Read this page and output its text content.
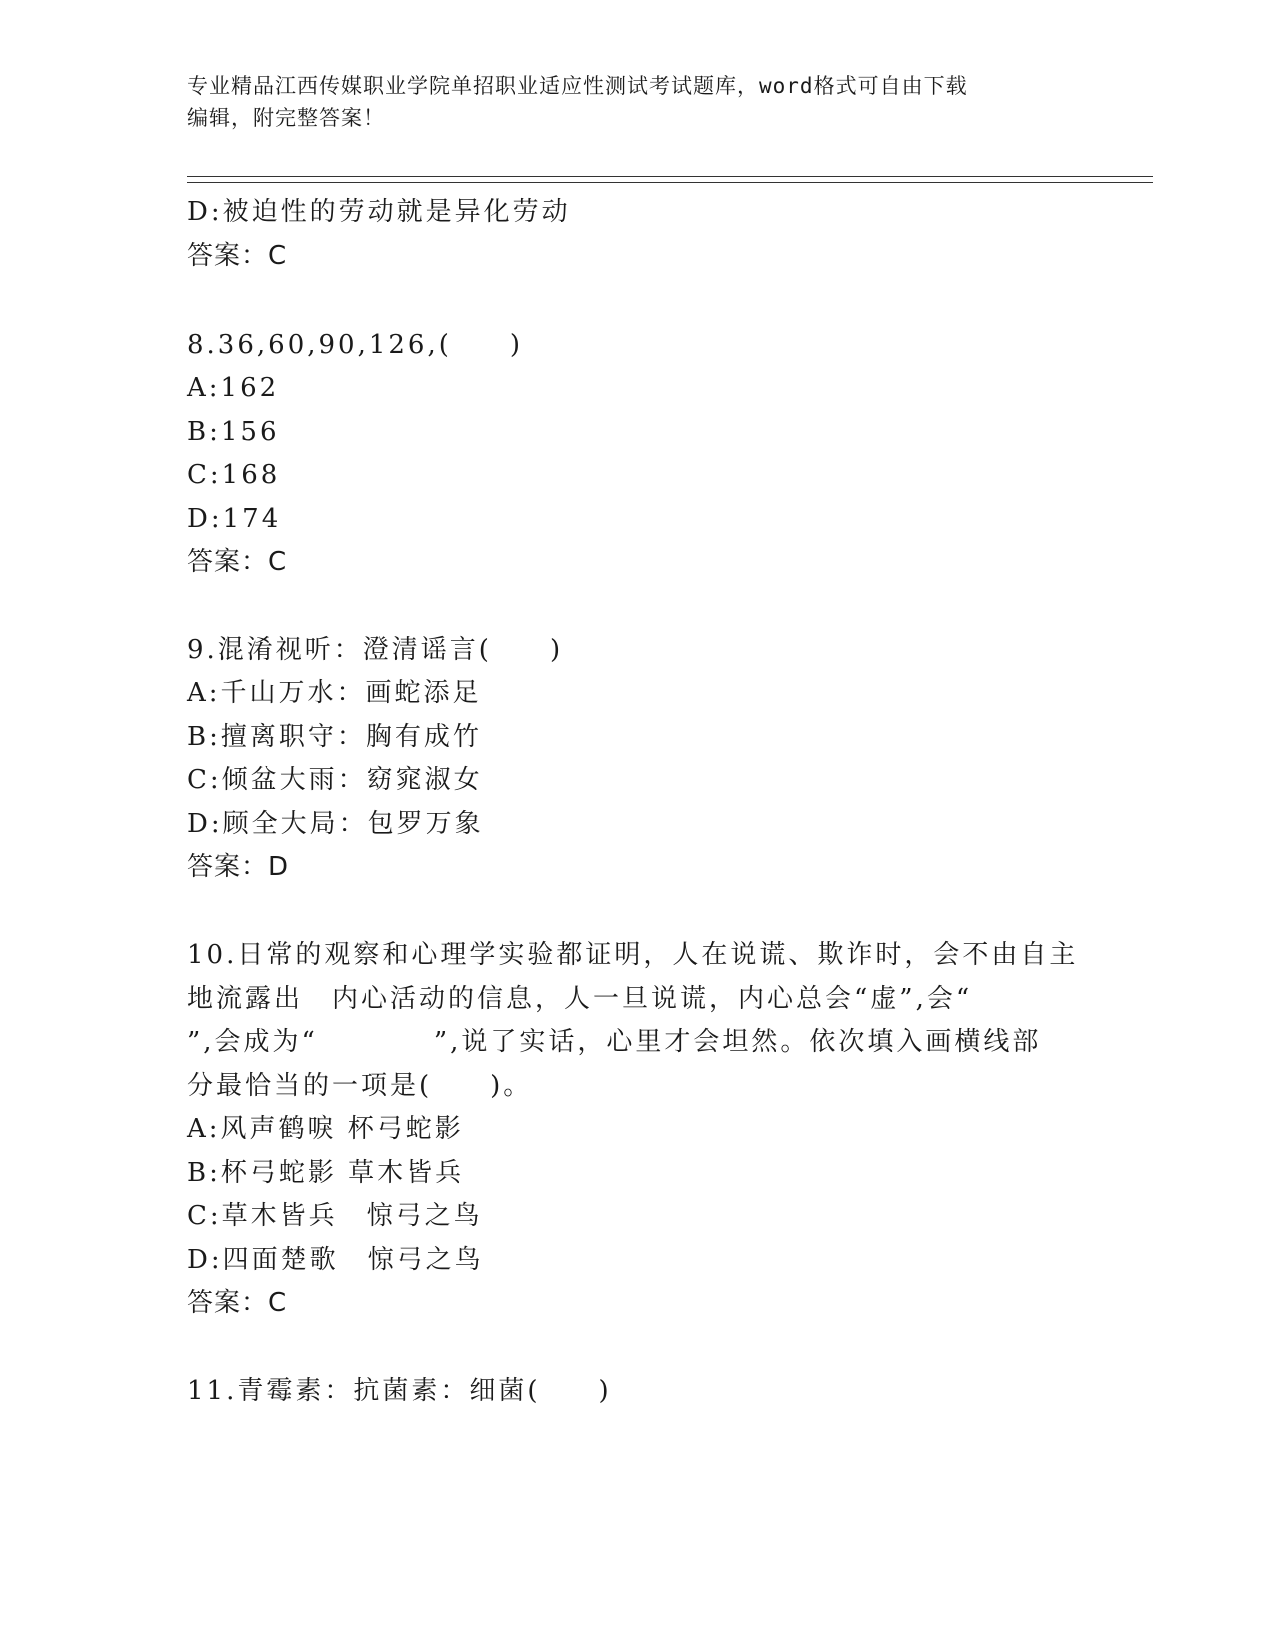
专业精品江西传媒职业学院单招职业适应性测试考试题库，word格式可自由下载
编辑，附完整答案！
D:被迫性的劳动就是异化劳动
答案：C
8.36,60,90,126,(　　)
A:162
B:156
C:168
D:174
答案：C
9.混淆视听：澄清谣言(　　)
A:千山万水：画蛇添足
B:擅离职守：胸有成竹
C:倾盆大雨：窈窕淑女
D:顾全大局：包罗万象
答案：D
10.日常的观察和心理学实验都证明，人在说谎、欺诈时，会不由自主
地流露出　内心活动的信息，人一旦说谎，内心总会“虚”,会“
”,会成为“　　　　”,说了实话，心里才会坦然。依次填入画横线部
分最恰当的一项是(　　)。
A:风声鹤唳 杯弓蛇影
B:杯弓蛇影 草木皆兵
C:草木皆兵　惊弓之鸟
D:四面楚歌　惊弓之鸟
答案：C
11.青霉素：抗菌素：细菌(　　)
